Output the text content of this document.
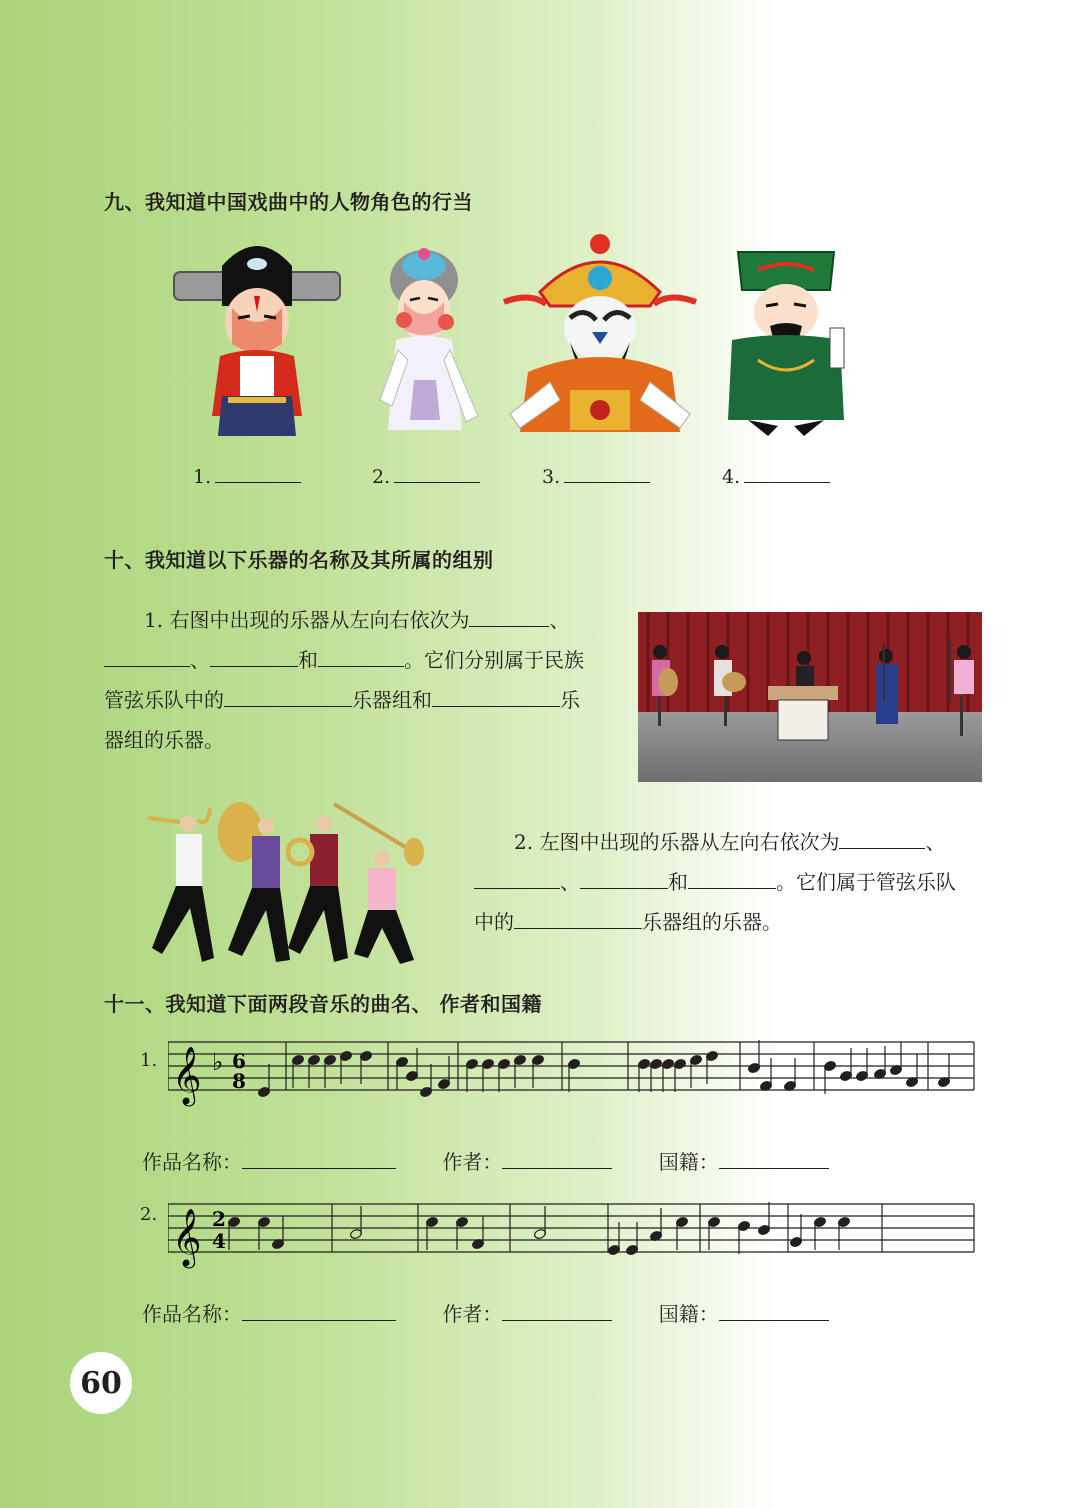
九、我知道中国戏曲中的人物角色的行当
1.	2.	3.	4.
十、我知道以下乐器的名称及其所属的组别
1. 右图中出现的乐器从左向右依次为	、
、	和	。它们分别属于民族
管弦乐队中的	乐器组和	乐
器组的乐器。
2. 左图中出现的乐器从左向右依次为	、
、	和	。它们属于管弦乐队
中的	乐器组的乐器。
十一、我知道下面两段音乐的曲名、 作者和国籍
1. 𝄞 ♭ 6
8
作品名称：	作者：	国籍：
2. 𝄞 2
4
作品名称：	作者：	国籍：
60
